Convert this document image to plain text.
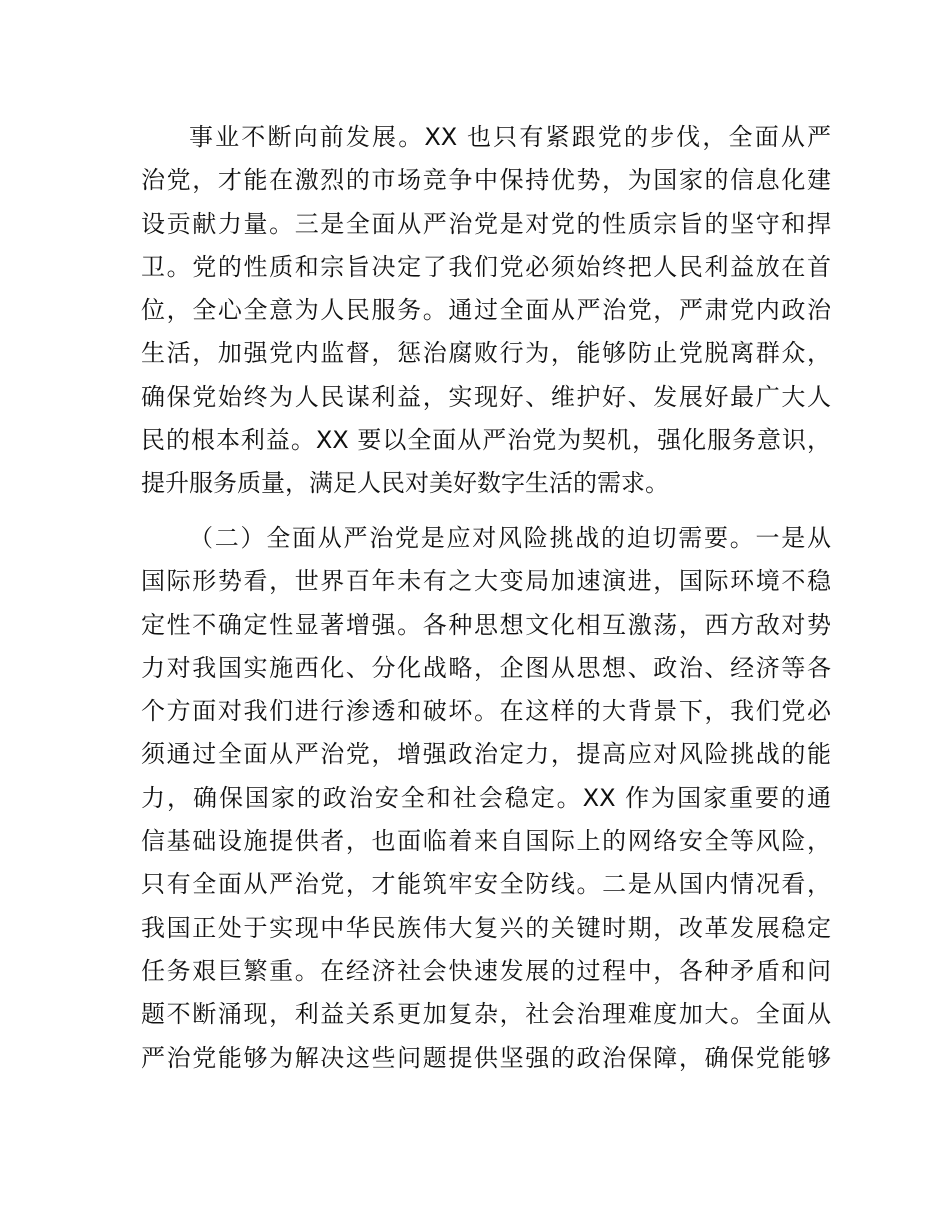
事业不断向前发展。XX 也只有紧跟党的步伐，全面从严
治党，才能在激烈的市场竞争中保持优势，为国家的信息化建
设贡献力量。三是全面从严治党是对党的性质宗旨的坚守和捍
卫。党的性质和宗旨决定了我们党必须始终把人民利益放在首
位，全心全意为人民服务。通过全面从严治党，严肃党内政治
生活，加强党内监督，惩治腐败行为，能够防止党脱离群众，
确保党始终为人民谋利益，实现好、维护好、发展好最广大人
民的根本利益。XX 要以全面从严治党为契机，强化服务意识，
提升服务质量，满足人民对美好数字生活的需求。

（二）全面从严治党是应对风险挑战的迫切需要。一是从
国际形势看，世界百年未有之大变局加速演进，国际环境不稳
定性不确定性显著增强。各种思想文化相互激荡，西方敌对势
力对我国实施西化、分化战略，企图从思想、政治、经济等各
个方面对我们进行渗透和破坏。在这样的大背景下，我们党必
须通过全面从严治党，增强政治定力，提高应对风险挑战的能
力，确保国家的政治安全和社会稳定。XX 作为国家重要的通
信基础设施提供者，也面临着来自国际上的网络安全等风险，
只有全面从严治党，才能筑牢安全防线。二是从国内情况看，
我国正处于实现中华民族伟大复兴的关键时期，改革发展稳定
任务艰巨繁重。在经济社会快速发展的过程中，各种矛盾和问
题不断涌现，利益关系更加复杂，社会治理难度加大。全面从
严治党能够为解决这些问题提供坚强的政治保障，确保党能够
